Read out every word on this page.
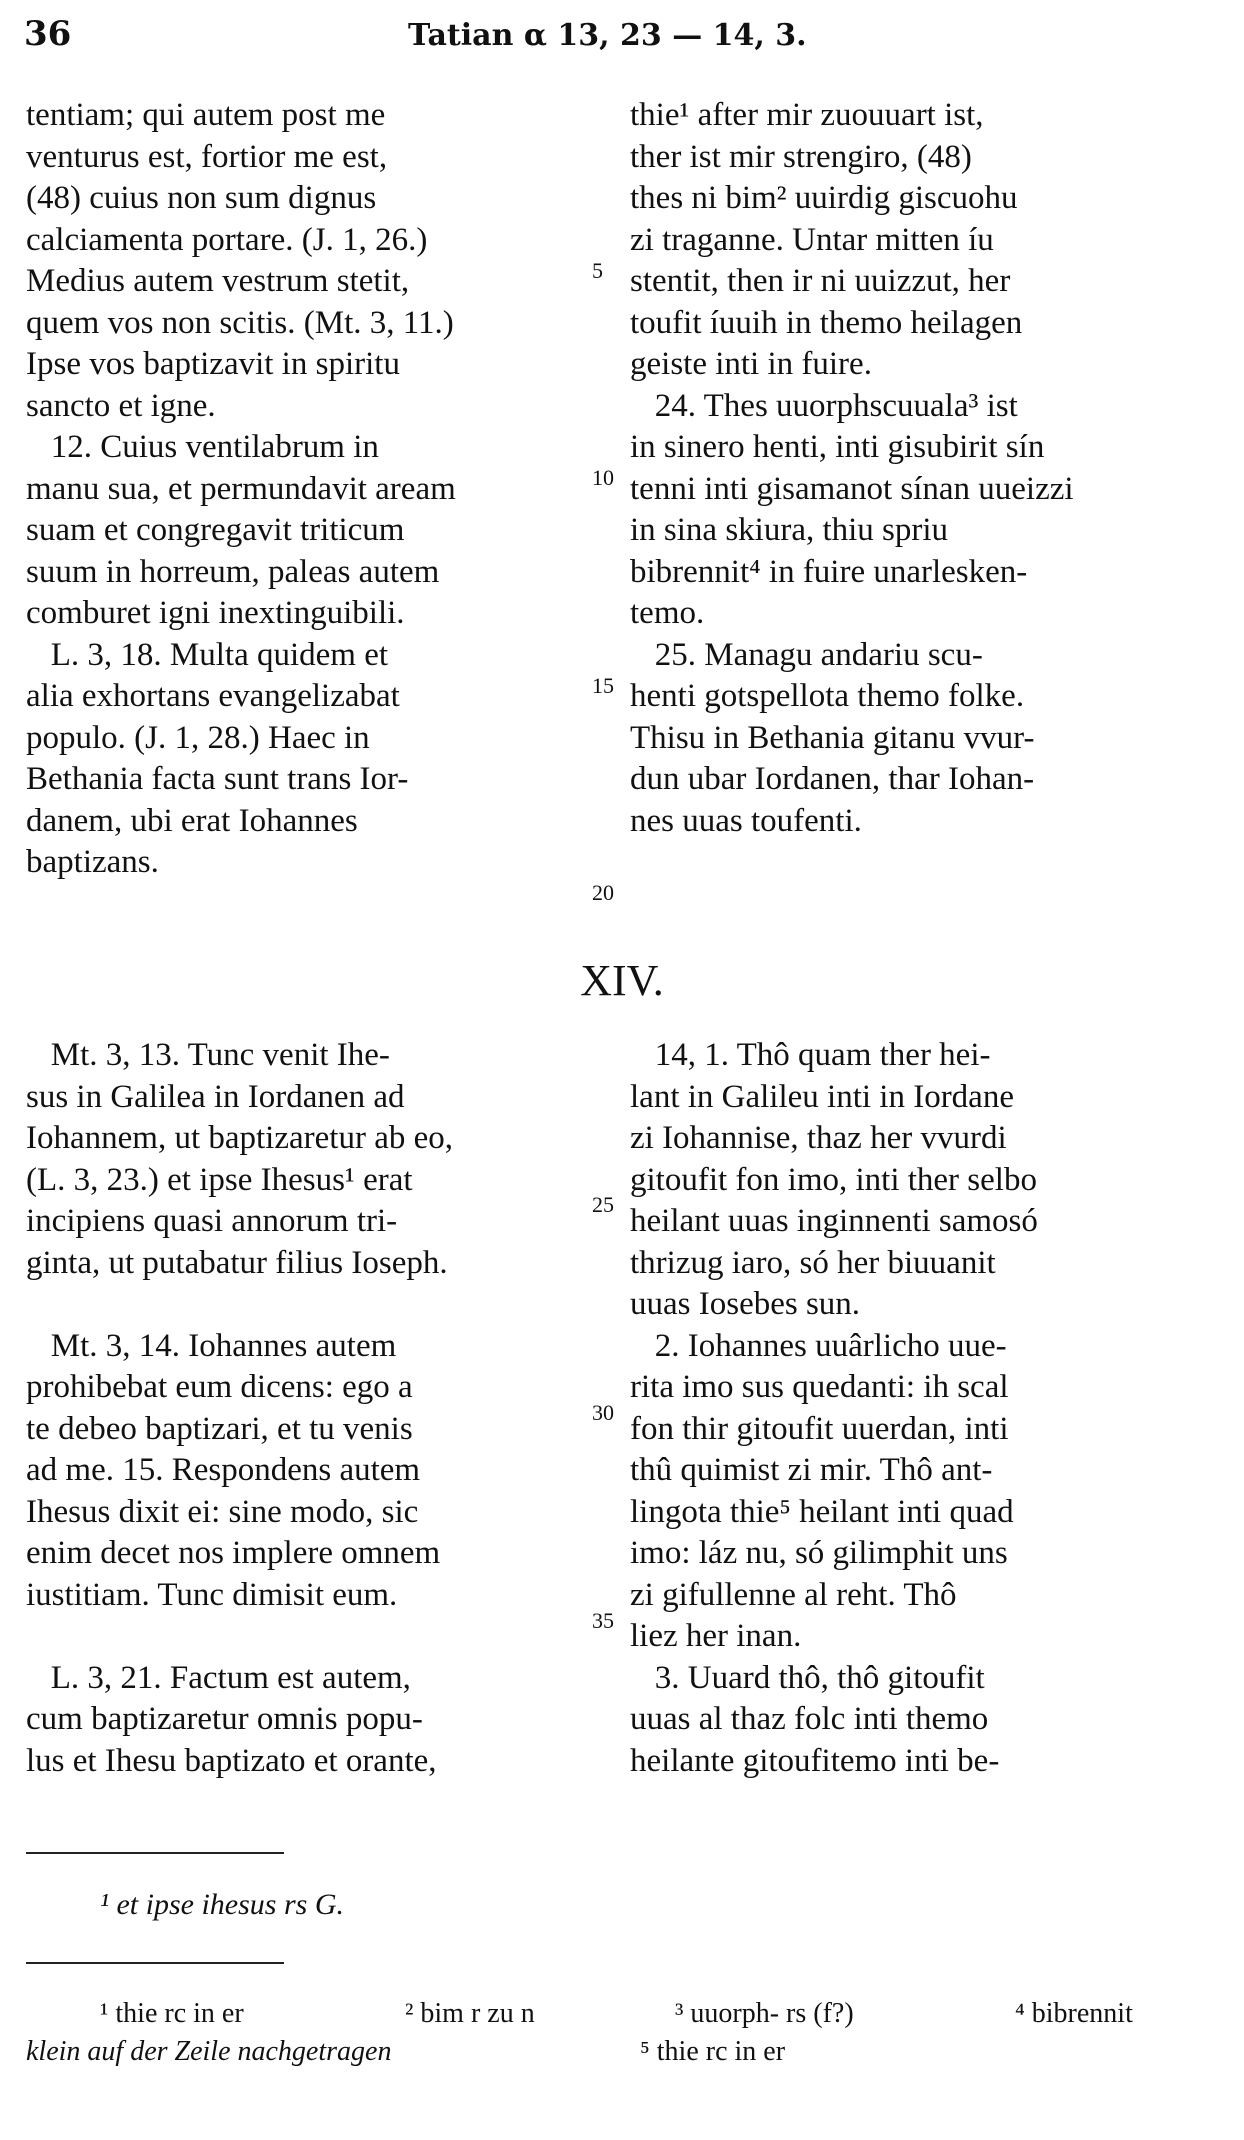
36	Tatian α 13, 23 — 14, 3.
tentiam; qui autem post me
venturus est, fortior me est,
(48) cuius non sum dignus
calciamenta portare. (J. 1, 26.)
Medius autem vestrum stetit,
quem vos non scitis. (Mt. 3, 11.)
Ipse vos baptizavit in spiritu
sancto et igne.
12. Cuius ventilabrum in
manu sua, et permundavit aream
suam et congregavit triticum
suum in horreum, paleas autem
comburet igni inextinguibili.
L. 3, 18. Multa quidem et
alia exhortans evangelizabat
populo. (J. 1, 28.) Haec in
Bethania facta sunt trans Ior-
danem, ubi erat Iohannes
baptizans.
thie¹ after mir zuouuart ist,
ther ist mir strengiro, (48)
thes ni bim² uuirdig giscuohu
zi traganne. Untar mitten íu
stentit, then ir ni uuizzut, her
toufit íuuih in themo heilagen
geiste inti in fuire.
24. Thes uuorphscuuala³ ist
in sinero henti, inti gisubirit sín
tenni inti gisamanot sínan uueizzi
in sina skiura, thiu spriu
bibrennit⁴ in fuire unarlesken-
temo.
25. Managu andariu scu-
henti gotspellota themo folke.
Thisu in Bethania gitanu vvur-
dun ubar Iordanen, thar Iohan-
nes uuas toufenti.
5
10
15
20
25
30
35
XIV.
Mt. 3, 13. Tunc venit Ihe-
sus in Galilea in Iordanen ad
Iohannem, ut baptizaretur ab eo,
(L. 3, 23.) et ipse Ihesus¹ erat
incipiens quasi annorum tri-
ginta, ut putabatur filius Ioseph.
Mt. 3, 14. Iohannes autem
prohibebat eum dicens: ego a
te debeo baptizari, et tu venis
ad me. 15. Respondens autem
Ihesus dixit ei: sine modo, sic
enim decet nos implere omnem
iustitiam. Tunc dimisit eum.
L. 3, 21. Factum est autem,
cum baptizaretur omnis popu-
lus et Ihesu baptizato et orante,
14, 1. Thô quam ther hei-
lant in Galileu inti in Iordane
zi Iohannise, thaz her vvurdi
gitoufit fon imo, inti ther selbo
heilant uuas inginnenti samosó
thrizug iaro, só her biuuanit
uuas Iosebes sun.
2. Iohannes uuârlicho uue-
rita imo sus quedanti: ih scal
fon thir gitoufit uuerdan, inti
thû quimist zi mir. Thô ant-
lingota thie⁵ heilant inti quad
imo: láz nu, só gilimphit uns
zi gifullenne al reht. Thô
liez her inan.
3. Uuard thô, thô gitoufit
uuas al thaz folc inti themo
heilante gitoufitemo inti be-
¹ et ipse ihesus rs G.
¹ thie rc in er	² bim r zu n	³ uuorph- rs (f?)	⁴ bibrennit
klein auf der Zeile nachgetragen	⁵ thie rc in er
